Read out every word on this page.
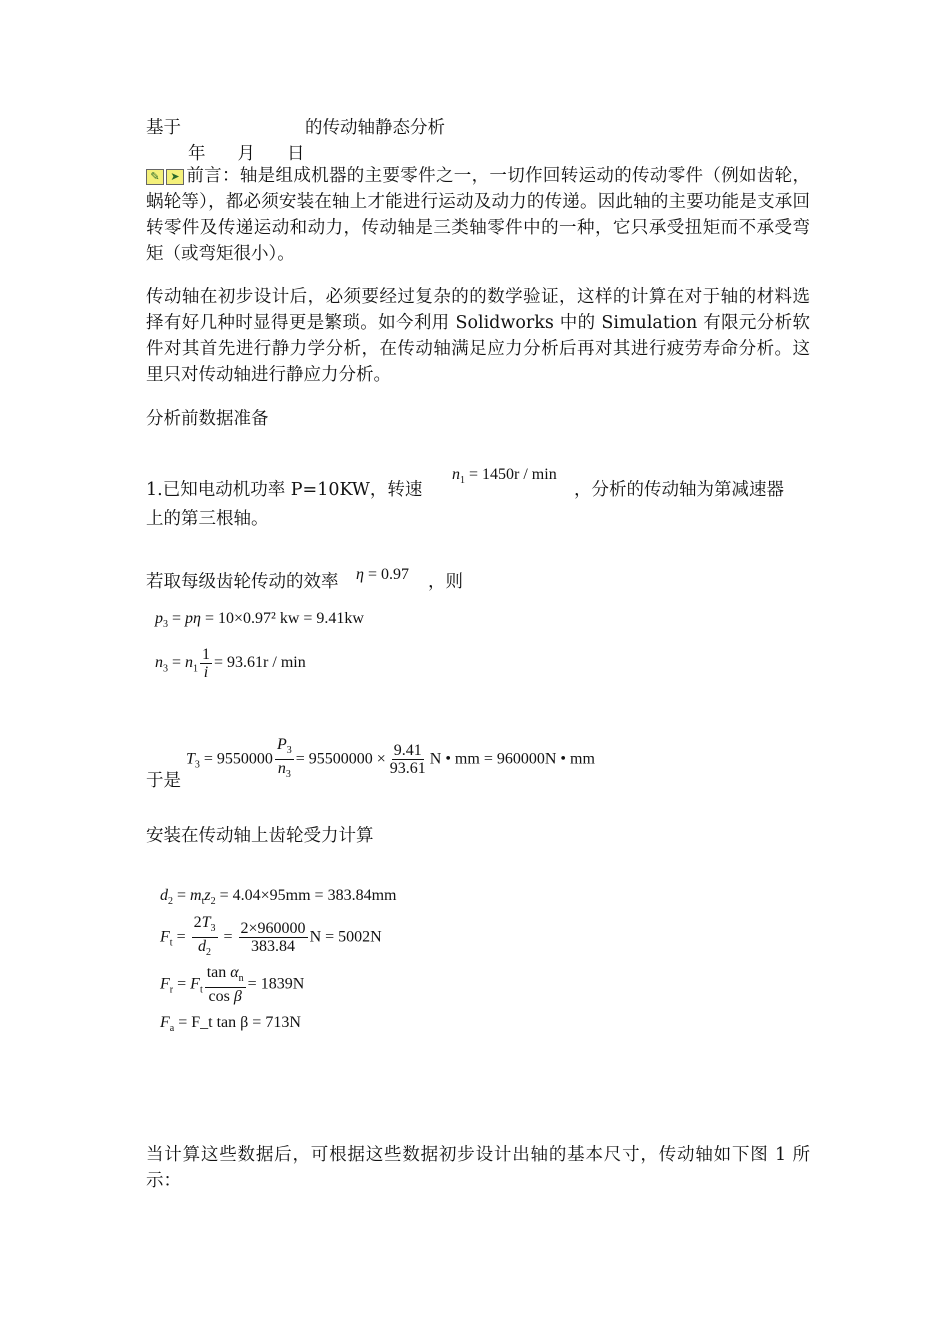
基于	的传动轴静态分析
年 月 日
✎ ➤ 前言：轴是组成机器的主要零件之一，一切作回转运动的传动零件（例如齿轮，蜗轮等），都必须安装在轴上才能进行运动及动力的传递。因此轴的主要功能是支承回转零件及传递运动和动力，传动轴是三类轴零件中的一种，它只承受扭矩而不承受弯矩（或弯矩很小）。
传动轴在初步设计后，必须要经过复杂的的数学验证，这样的计算在对于轴的材料选择有好几种时显得更是繁琐。如今利用 Solidworks 中的 Simulation 有限元分析软件对其首先进行静力学分析，在传动轴满足应力分析后再对其进行疲劳寿命分析。这里只对传动轴进行静应力分析。
分析前数据准备
1.已知电动机功率 P=10KW，转速
$n_1 = 1450r / \min$
，分析的传动轴为第减速器
上的第三根轴。
若取每级齿轮传动的效率 η = 0.97 ，则
$p_3 = p\eta = 10\times 0.97^2$ kw = 9.41kw
$n_3 = n_1 \frac{1}{i} = 93.61r / \min$
$T_3 = 9550000 \frac{P_3}{n_3} = 95500000 \times \frac{9.41}{93.61}$ N • mm = 960000N • mm
于是
安装在传动轴上齿轮受力计算
$d_2 = m_tz_2 = 4.04\times 95mm = 383.84mm$
$F_t = \frac{2T_3}{d_2} = \frac{2\times 960000}{383.84}$ N = 5002N
$F_r = F_t \frac{\tan \alpha_n}{\text{cos β}} = 1839N$
$F_a$ = F_t tan β = 713N
当计算这些数据后，可根据这些数据初步设计出轴的基本尺寸，传动轴如下图 1 所示：
